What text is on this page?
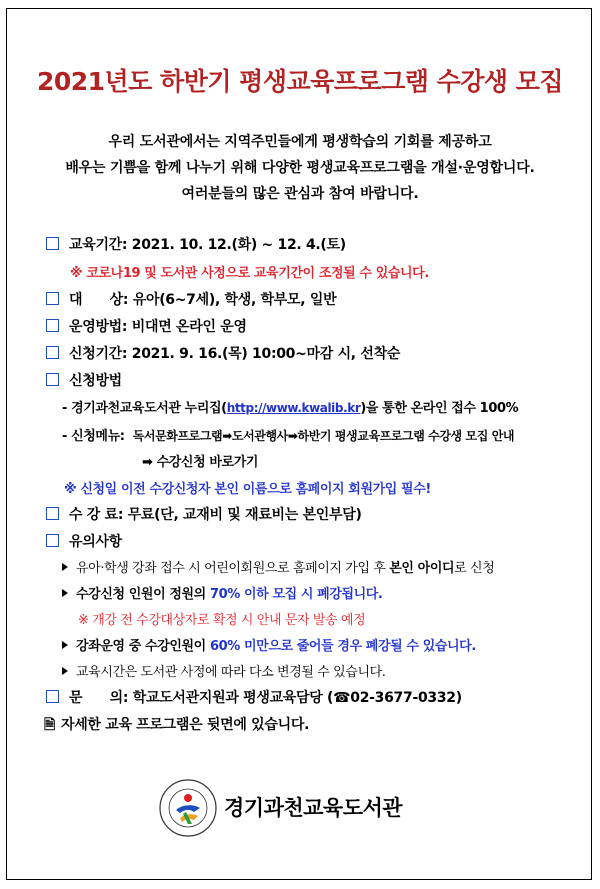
2021년도 하반기 평생교육프로그램 수강생 모집
우리 도서관에서는 지역주민들에게 평생학습의 기회를 제공하고
배우는 기쁨을 함께 나누기 위해 다양한 평생교육프로그램을 개설·운영합니다.
여러분들의 많은 관심과 참여 바랍니다.
교육기간: 2021. 10. 12.(화) ~ 12. 4.(토)
※ 코로나19 및 도서관 사정으로 교육기간이 조정될 수 있습니다.
대      상: 유아(6~7세), 학생, 학부모, 일반
운영방법: 비대면 온라인 운영
신청기간: 2021. 9. 16.(목) 10:00~마감 시, 선착순
신청방법
- 경기과천교육도서관 누리집(http://www.kwalib.kr)을 통한 온라인 접수 100%
- 신청메뉴: 독서문화프로그램➡도서관행사➡하반기 평생교육프로그램 수강생 모집 안내
➡ 수강신청 바로가기
※ 신청일 이전 수강신청자 본인 이름으로 홈페이지 회원가입 필수!
수 강 료: 무료(단, 교재비 및 재료비는 본인부담)
유의사항
유아·학생 강좌 접수 시 어린이회원으로 홈페이지 가입 후 본인 아이디로 신청
수강신청 인원이 정원의 70% 이하 모집 시 폐강됩니다.
※ 개강 전 수강대상자로 확정 시 안내 문자 발송 예정
강좌운영 중 수강인원이 60% 미만으로 줄어들 경우 폐강될 수 있습니다.
교육시간은 도서관 사정에 따라 다소 변경될 수 있습니다.
문      의: 학교도서관지원과 평생교육담당 (☎02-3677-0332)
🗎 자세한 교육 프로그램은 뒷면에 있습니다.
경기과천교육도서관
